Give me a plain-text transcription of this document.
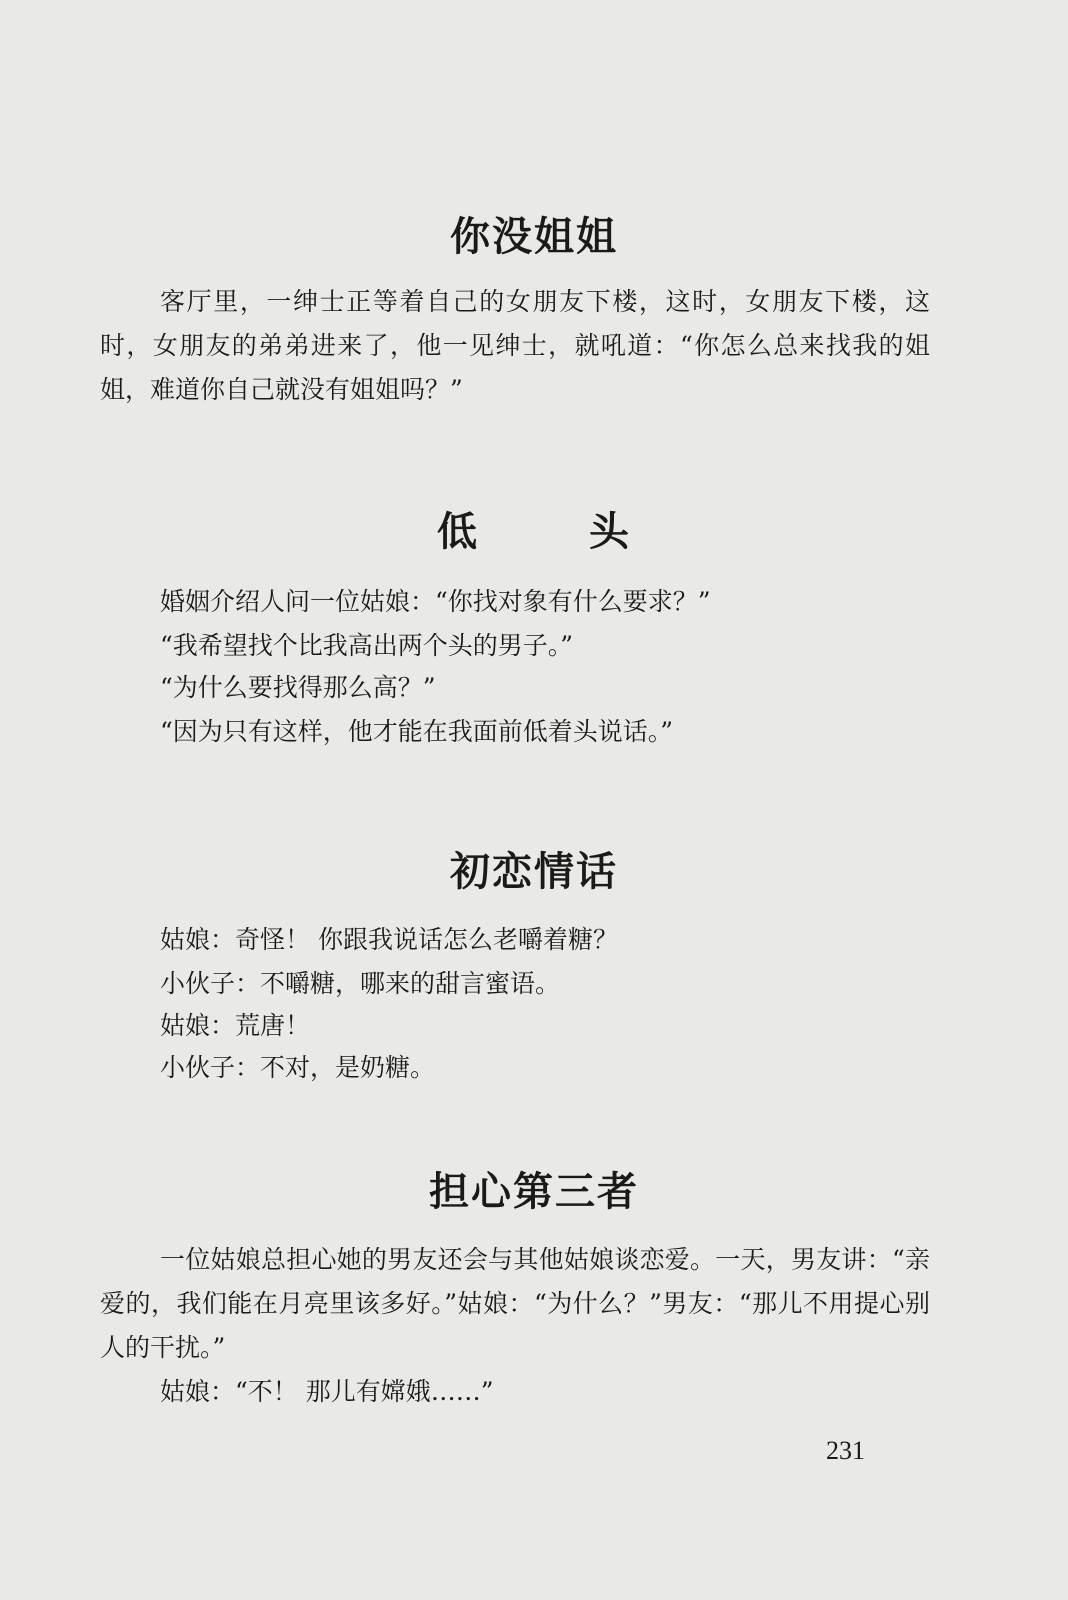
你没姐姐

客厅里，一绅士正等着自己的女朋友下楼，这时，女朋友下楼，这时，女朋友的弟弟进来了，他一见绅士，就吼道：“你怎么总来找我的姐姐，难道你自己就没有姐姐吗？”

低	头

婚姻介绍人问一位姑娘：“你找对象有什么要求？”

“我希望找个比我高出两个头的男子。”

“为什么要找得那么高？”

“因为只有这样，他才能在我面前低着头说话。”

初恋情话

姑娘：奇怪！ 你跟我说话怎么老嚼着糖？

小伙子：不嚼糖，哪来的甜言蜜语。

姑娘：荒唐！

小伙子：不对，是奶糖。

担心第三者

一位姑娘总担心她的男友还会与其他姑娘谈恋爱。一天，男友讲：“亲爱的，我们能在月亮里该多好。”姑娘：“为什么？”男友：“那儿不用提心别人的干扰。”

姑娘：“不！ 那儿有嫦娥……”

231
